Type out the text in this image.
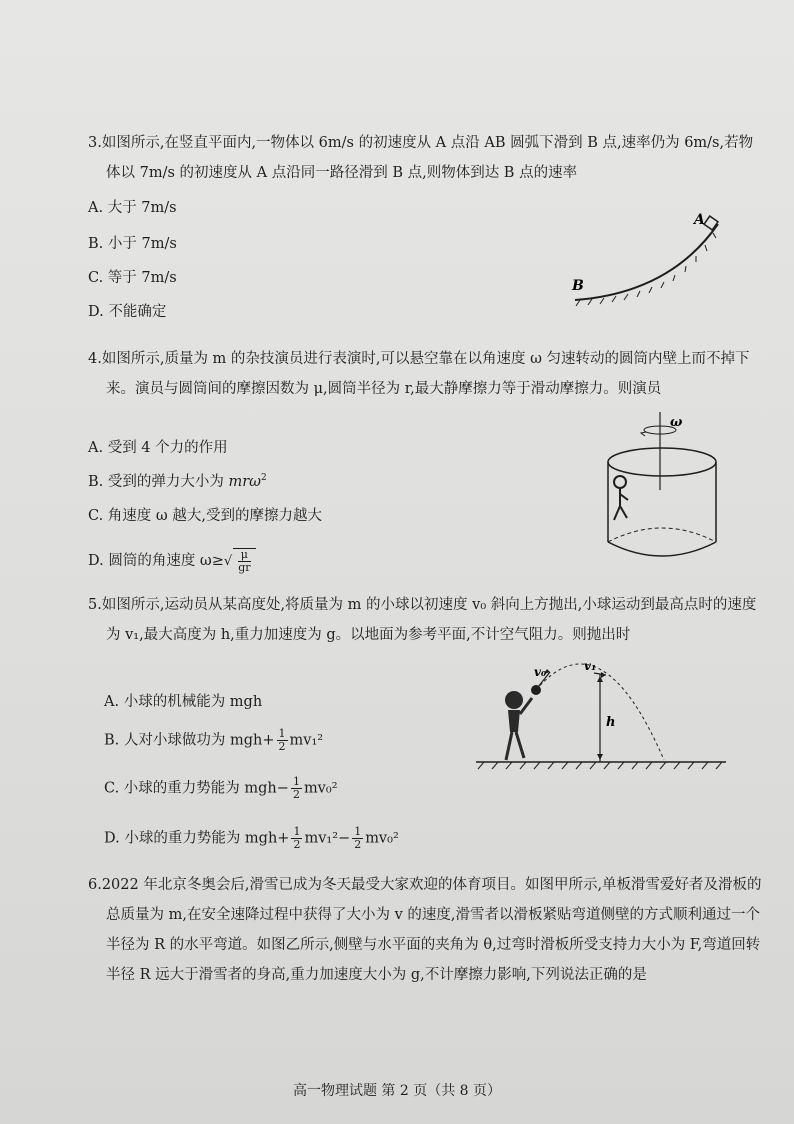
3.如图所示,在竖直平面内,一物体以 6m/s 的初速度从 A 点沿 AB 圆弧下滑到 B 点,速率仍为 6m/s,若物体以 7m/s 的初速度从 A 点沿同一路径滑到 B 点,则物体到达 B 点的速率
A. 大于 7m/s
B. 小于 7m/s
C. 等于 7m/s
D. 不能确定
A
B
4.如图所示,质量为 m 的杂技演员进行表演时,可以悬空靠在以角速度 ω 匀速转动的圆筒内壁上而不掉下来。演员与圆筒间的摩擦因数为 μ,圆筒半径为 r,最大静摩擦力等于滑动摩擦力。则演员
A. 受到 4 个力的作用
B. 受到的弹力大小为 mrω$^2$
C. 角速度 ω 越大,受到的摩擦力越大
D. 圆筒的角速度 $\omega\ge√ \frac{\mu}{gr}$
ω
5.如图所示,运动员从某高度处,将质量为 m 的小球以初速度 v₀ 斜向上方抛出,小球运动到最高点时的速度为 v₁,最大高度为 h,重力加速度为 g。以地面为参考平面,不计空气阻力。则抛出时
A. 小球的机械能为 mgh
B. 人对小球做功为 $mgh+ \frac{1}{2} mv_1^2$
C. 小球的重力势能为 $mgh- \frac{1}{2} mv_0^2$
D. 小球的重力势能为 $mgh+ \frac{1}{2} mv_1^2- \frac{1}{2} mv_0^2$
v₀	v₁
h
6.2022 年北京冬奥会后,滑雪已成为冬天最受大家欢迎的体育项目。如图甲所示,单板滑雪爱好者及滑板的总质量为 m,在安全速降过程中获得了大小为 v 的速度,滑雪者以滑板紧贴弯道侧壁的方式顺利通过一个半径为 R 的水平弯道。如图乙所示,侧壁与水平面的夹角为 θ,过弯时滑板所受支持力大小为 F,弯道回转半径 R 远大于滑雪者的身高,重力加速度大小为 g,不计摩擦力影响,下列说法正确的是
高一物理试题 第 2 页（共 8 页）
